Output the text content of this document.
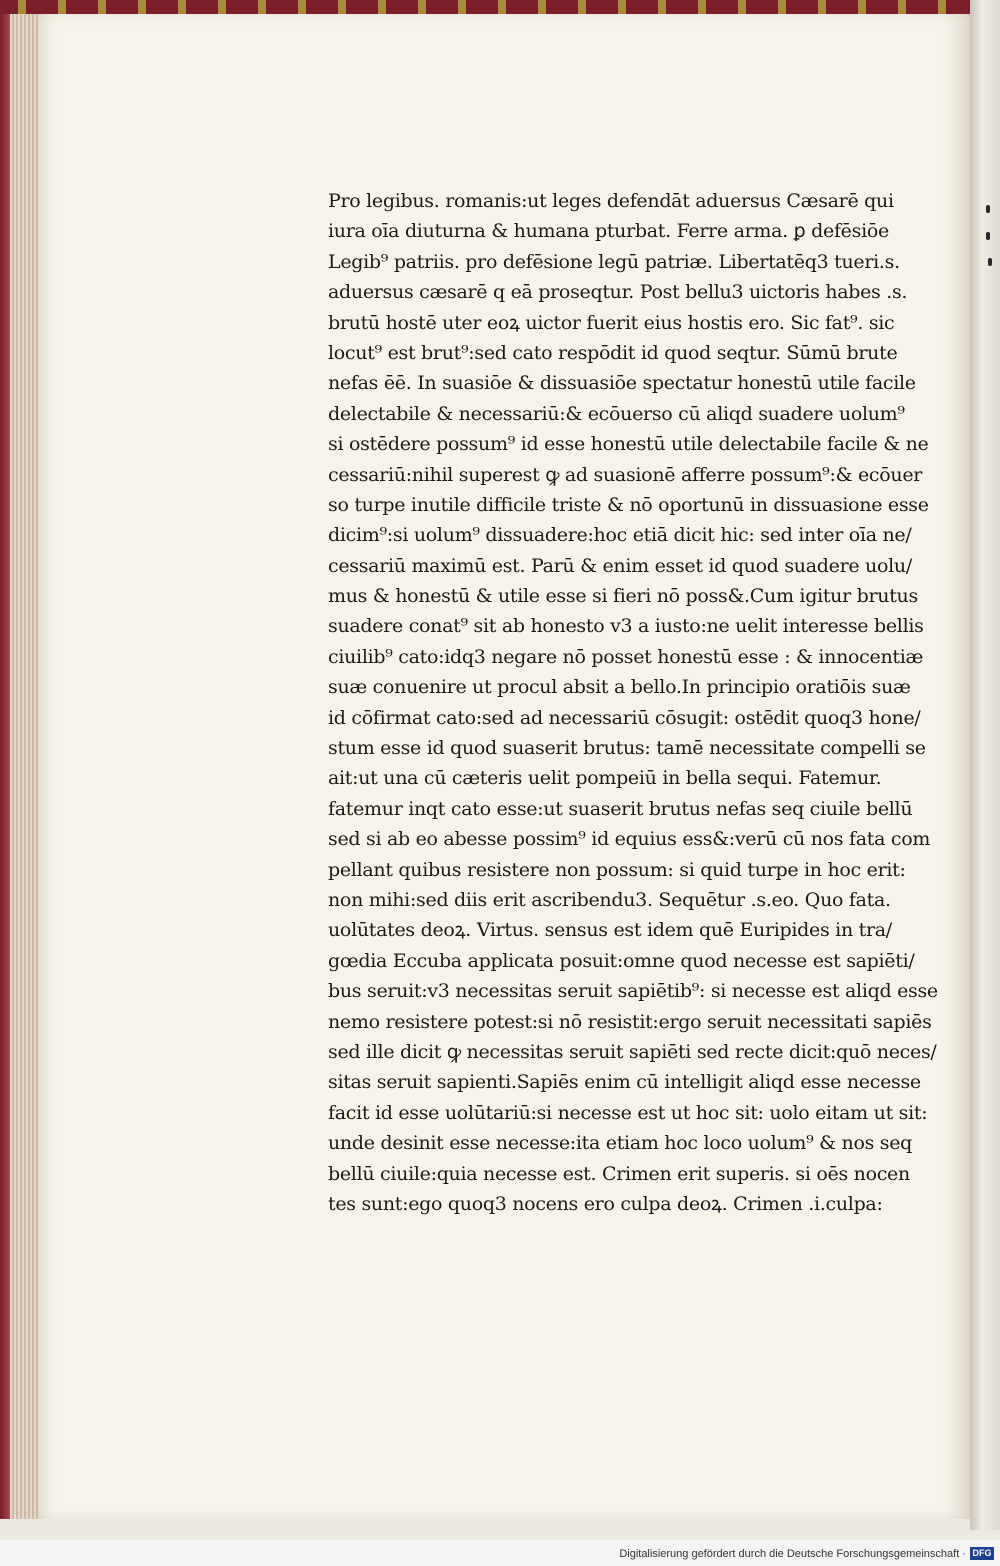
Pro legibus. romanis:ut leges defendāt aduersus Cæsarē qui
iura oīa diuturna & humana pturbat. Ferre arma. ꝑ defēsiōe
Legib⁹ patriis. pro defēsione legū patriæ. Libertatēq3 tueri.s.
aduersus cæsarē q eā proseqtur. Post bellu3 uictoris habes .s.
brutū hostē uter eoꝝ uictor fuerit eius hostis ero. Sic fat⁹. sic
locut⁹ est brut⁹:sed cato respōdit id quod seqtur. Sūmū brute
nefas ēē. In suasiōe & dissuasiōe spectatur honestū utile facile
delectabile & necessariū:& ecōuerso cū aliqd suadere uolum⁹
si ostēdere possum⁹ id esse honestū utile delectabile facile & ne
cessariū:nihil superest ꝙ ad suasionē afferre possum⁹:& ecōuer
so turpe inutile difficile triste & nō oportunū in dissuasione esse
dicim⁹:si uolum⁹ dissuadere:hoc etiā dicit hic: sed inter oīa ne/
cessariū maximū est. Parū & enim esset id quod suadere uolu/
mus & honestū & utile esse si fieri nō poss&.Cum igitur brutus
suadere conat⁹ sit ab honesto v3 a iusto:ne uelit interesse bellis
ciuilib⁹ cato:idq3 negare nō posset honestū esse : & innocentiæ
suæ conuenire ut procul absit a bello.In principio oratiōis suæ
id cōfirmat cato:sed ad necessariū cōsugit: ostēdit quoq3 hone/
stum esse id quod suaserit brutus: tamē necessitate compelli se
ait:ut una cū cæteris uelit pompeiū in bella sequi. Fatemur.
fatemur inqt cato esse:ut suaserit brutus nefas seq ciuile bellū
sed si ab eo abesse possim⁹ id equius ess&:verū cū nos fata com
pellant quibus resistere non possum: si quid turpe in hoc erit:
non mihi:sed diis erit ascribendu3. Sequētur .s.eo. Quo fata.
uolūtates deoꝝ. Virtus. sensus est idem quē Euripides in tra/
gœdia Eccuba applicata posuit:omne quod necesse est sapiēti/
bus seruit:v3 necessitas seruit sapiētib⁹: si necesse est aliqd esse
nemo resistere potest:si nō resistit:ergo seruit necessitati sapiēs
sed ille dicit ꝙ necessitas seruit sapiēti sed recte dicit:quō neces/
sitas seruit sapienti.Sapiēs enim cū intelligit aliqd esse necesse
facit id esse uolūtariū:si necesse est ut hoc sit: uolo eitam ut sit:
unde desinit esse necesse:ita etiam hoc loco uolum⁹ & nos seq
bellū ciuile:quia necesse est. Crimen erit superis. si oēs nocen
tes sunt:ego quoq3 nocens ero culpa deoꝝ. Crimen .i.culpa:
Digitalisierung gefördert durch die Deutsche Forschungsgemeinschaft · DFG
